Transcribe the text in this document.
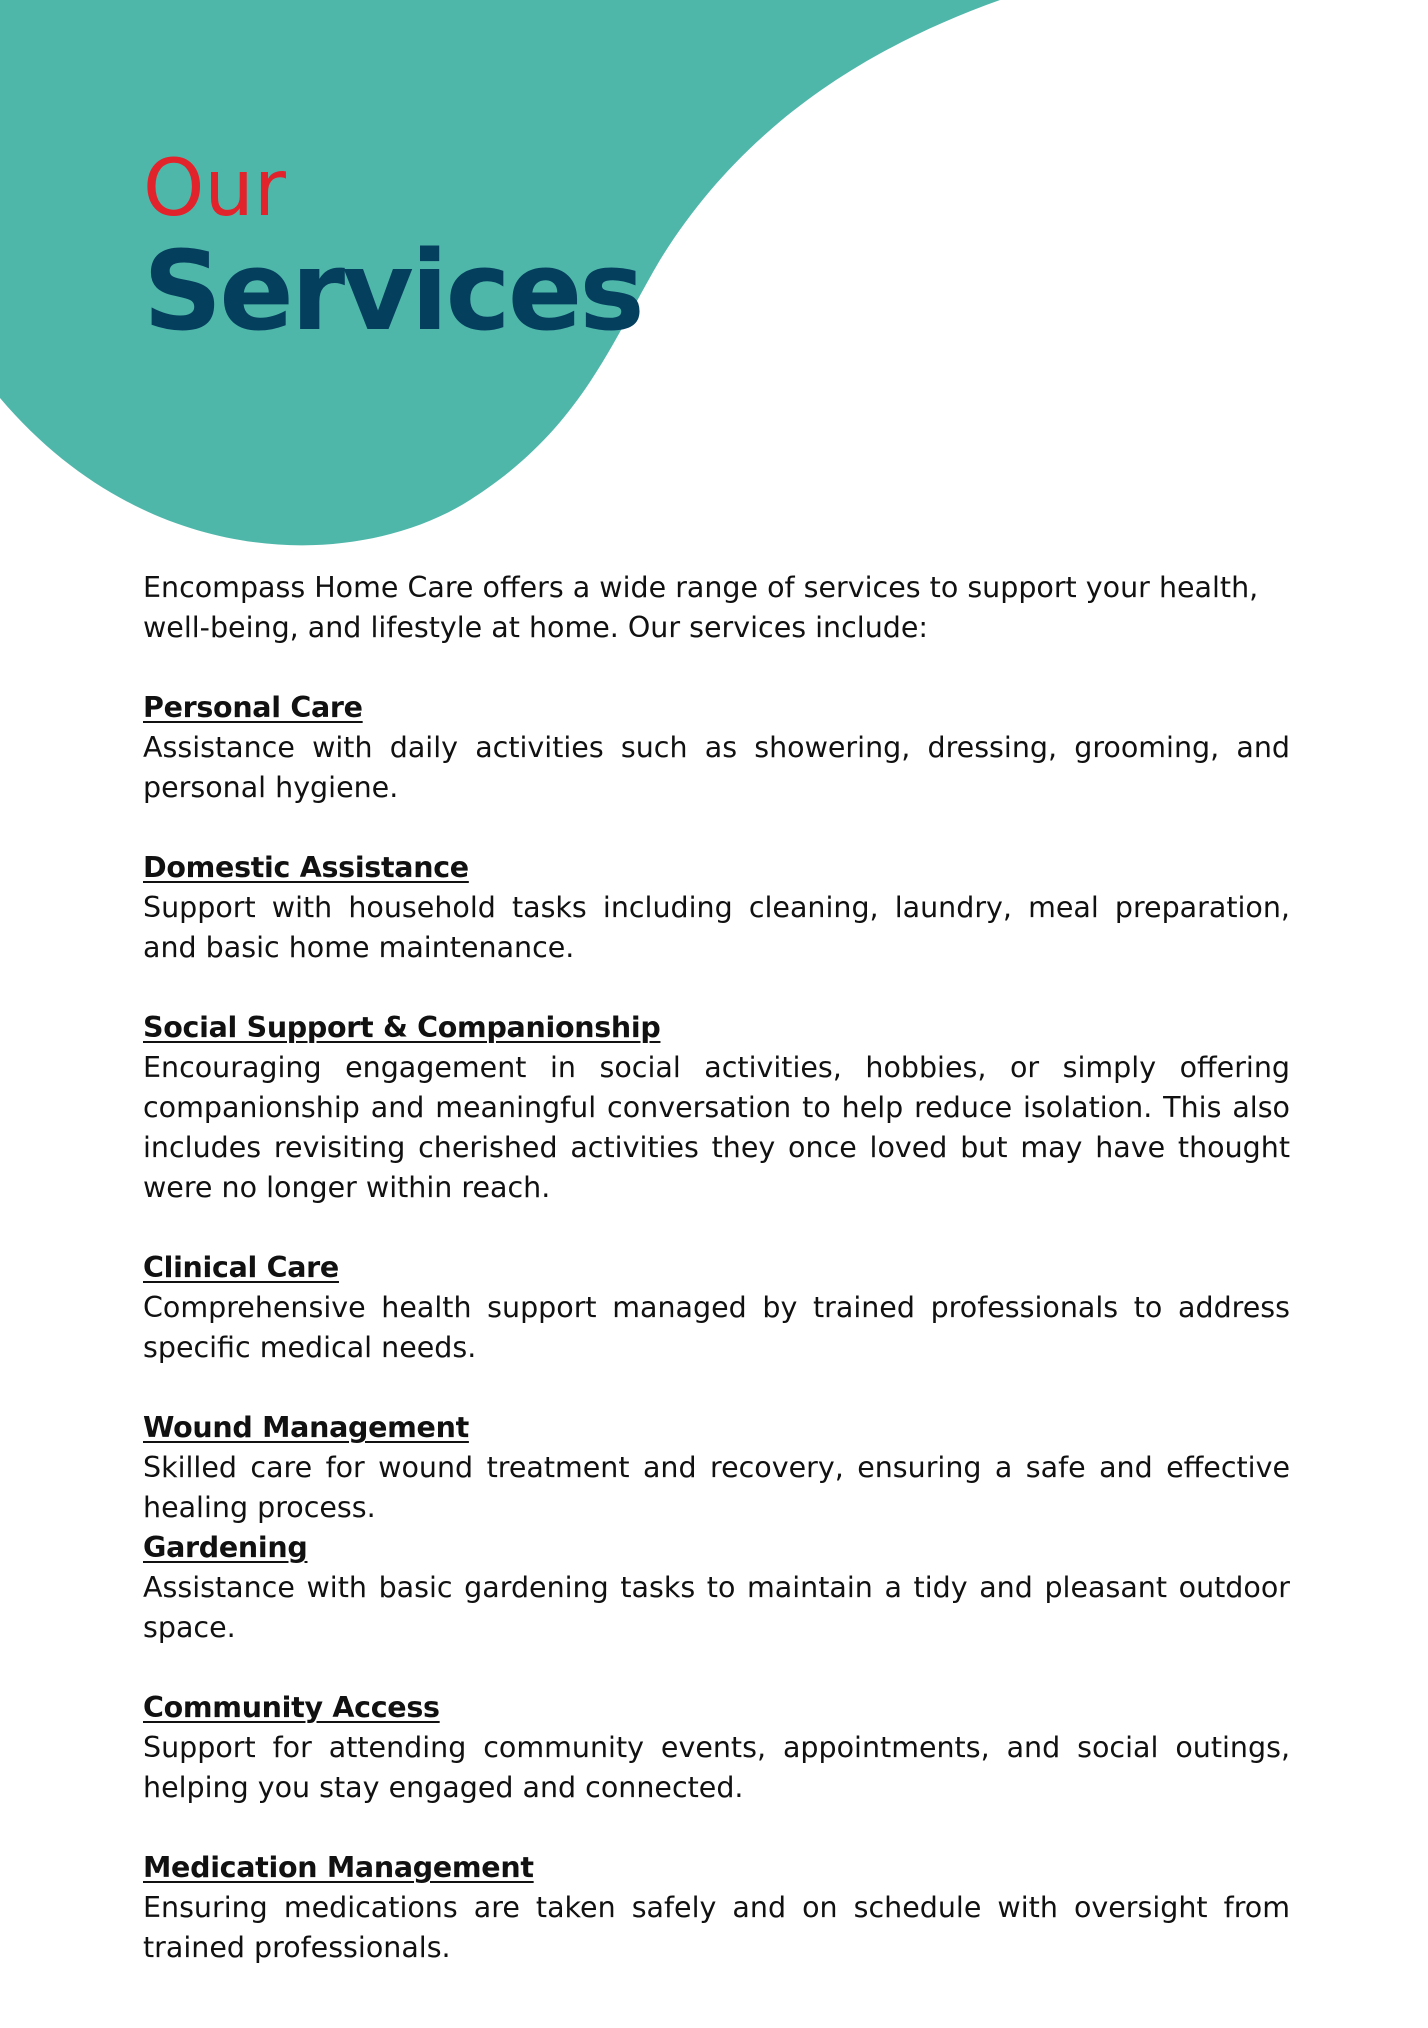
Our
Services

Encompass Home Care offers a wide range of services to support your health, well-being, and lifestyle at home. Our services include:

Personal Care

Assistance with daily activities such as showering, dressing, grooming, and personal hygiene.

Domestic Assistance

Support with household tasks including cleaning, laundry, meal preparation, and basic home maintenance.

Social Support & Companionship

Encouraging engagement in social activities, hobbies, or simply offering companionship and meaningful conversation to help reduce isolation. This also includes revisiting cherished activities they once loved but may have thought were no longer within reach.

Clinical Care

Comprehensive health support managed by trained professionals to address specific medical needs.

Wound Management

Skilled care for wound treatment and recovery, ensuring a safe and effective healing process.

Gardening

Assistance with basic gardening tasks to maintain a tidy and pleasant outdoor space.

Community Access

Support for attending community events, appointments, and social outings, helping you stay engaged and connected.

Medication Management

Ensuring medications are taken safely and on schedule with oversight from trained professionals.
